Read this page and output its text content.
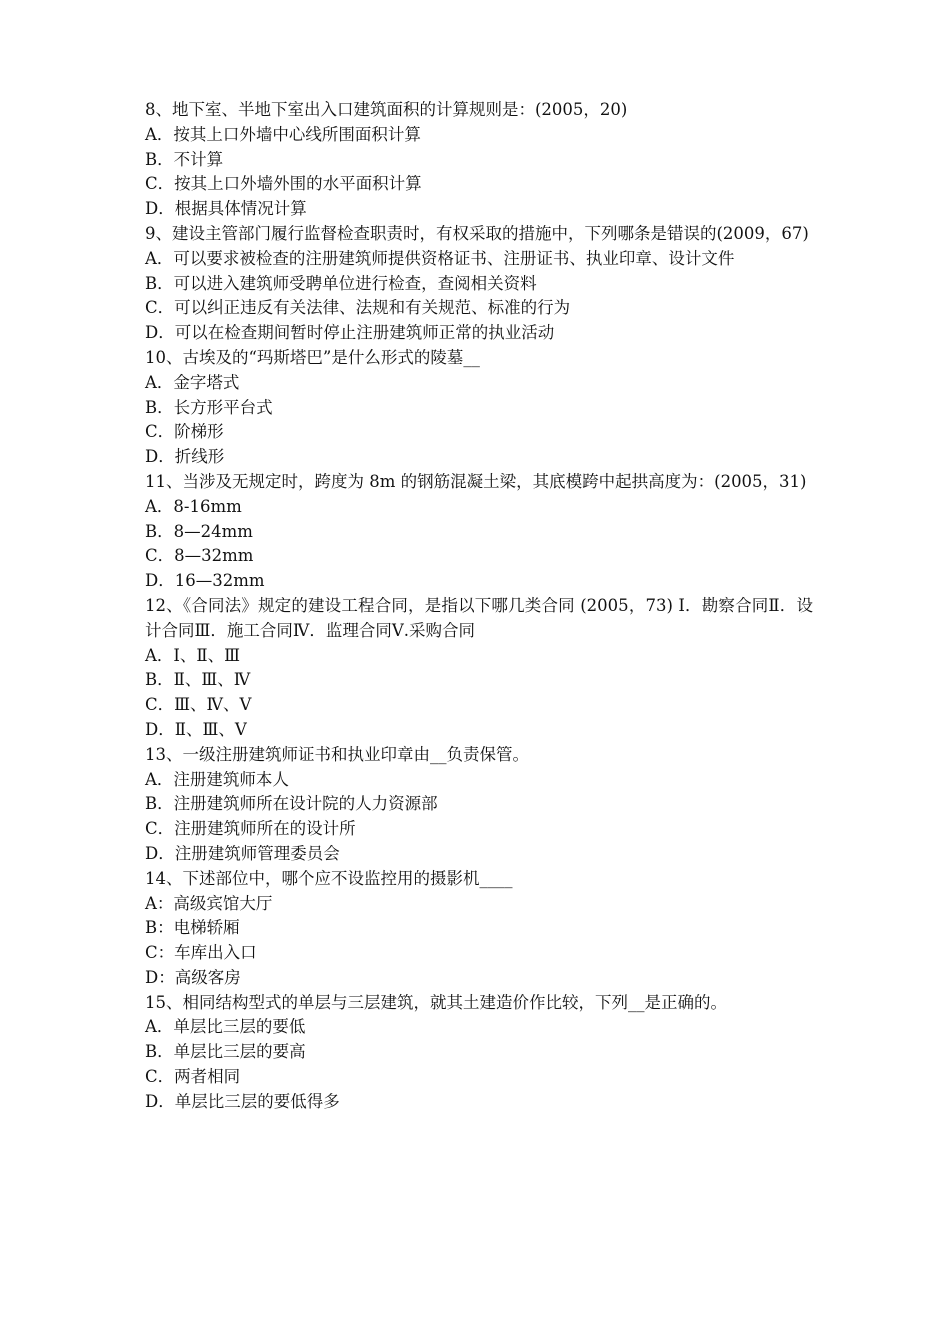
8、地下室、半地下室出入口建筑面积的计算规则是：(2005，20)
A．按其上口外墙中心线所围面积计算
B．不计算
C．按其上口外墙外围的水平面积计算
D．根据具体情况计算
9、建设主管部门履行监督检查职责时，有权采取的措施中，下列哪条是错误的(2009，67)
A．可以要求被检查的注册建筑师提供资格证书、注册证书、执业印章、设计文件
B．可以进入建筑师受聘单位进行检查，查阅相关资料
C．可以纠正违反有关法律、法规和有关规范、标准的行为
D．可以在检查期间暂时停止注册建筑师正常的执业活动
10、古埃及的“玛斯塔巴”是什么形式的陵墓__
A．金字塔式
B．长方形平台式
C．阶梯形
D．折线形
11、当涉及无规定时，跨度为 8m 的钢筋混凝土梁，其底模跨中起拱高度为：(2005，31)
A．8-16mm
B．8—24mm
C．8—32mm
D．16—32mm
12、《合同法》规定的建设工程合同，是指以下哪几类合同 (2005，73) Ⅰ．勘察合同Ⅱ．设计合同Ⅲ．施工合同Ⅳ．监理合同Ⅴ.采购合同
A．Ⅰ、Ⅱ、Ⅲ
B．Ⅱ、Ⅲ、Ⅳ
C．Ⅲ、Ⅳ、Ⅴ
D．Ⅱ、Ⅲ、Ⅴ
13、一级注册建筑师证书和执业印章由__负责保管。
A．注册建筑师本人
B．注册建筑师所在设计院的人力资源部
C．注册建筑师所在的设计所
D．注册建筑师管理委员会
14、下述部位中，哪个应不设监控用的摄影机____
A：高级宾馆大厅
B：电梯轿厢
C：车库出入口
D：高级客房
15、相同结构型式的单层与三层建筑，就其土建造价作比较，下列__是正确的。
A．单层比三层的要低
B．单层比三层的要高
C．两者相同
D．单层比三层的要低得多
